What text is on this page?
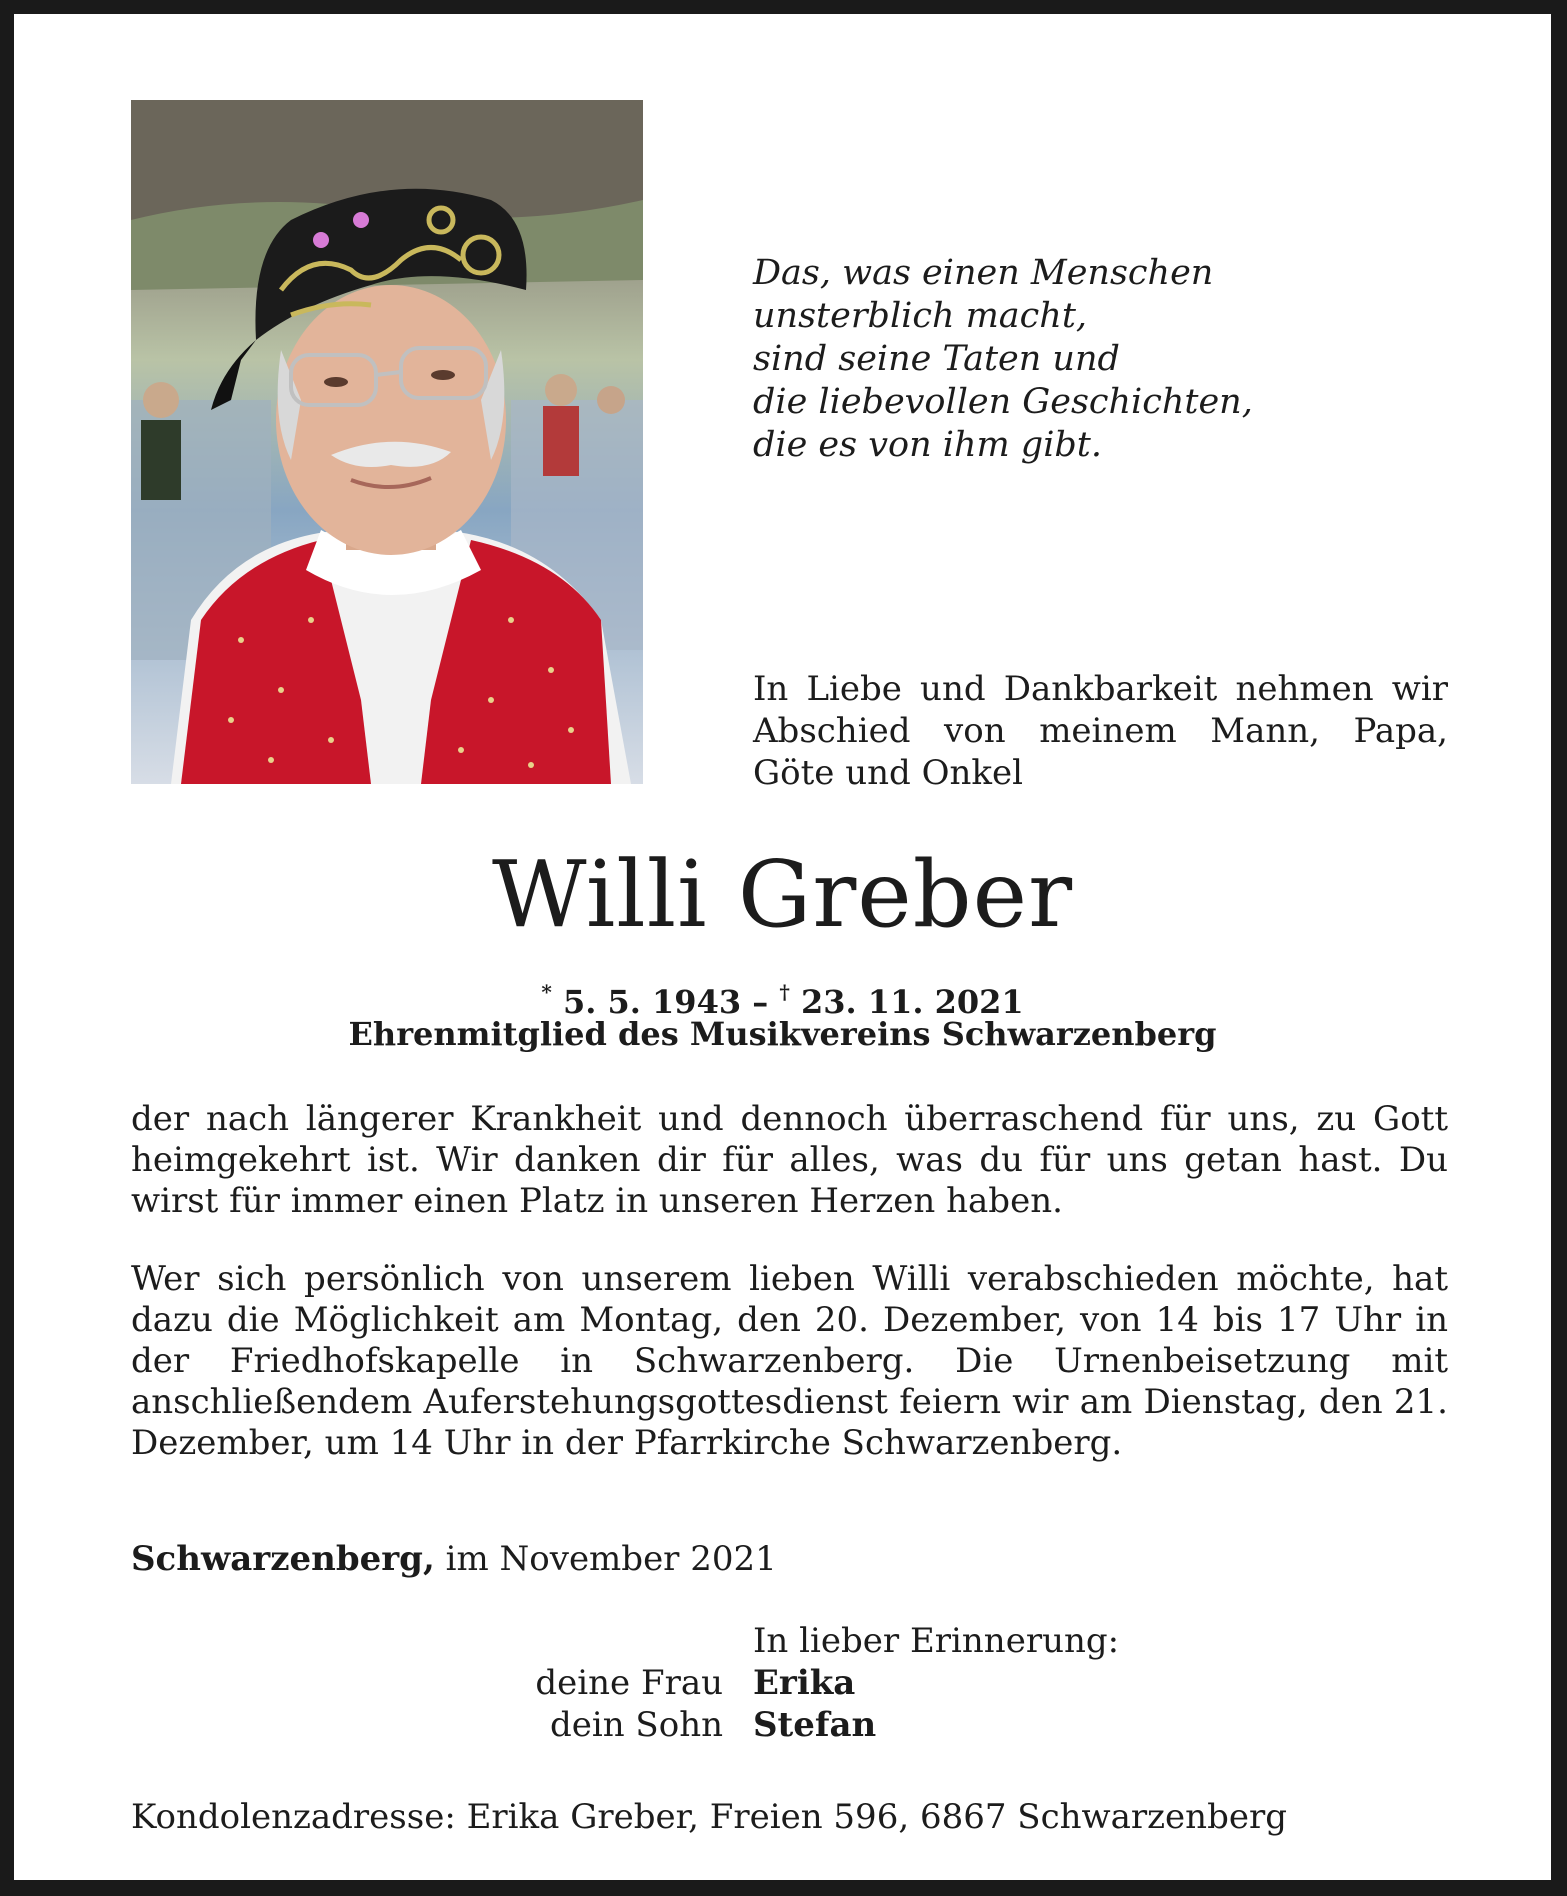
Das, was einen Menschen
unsterblich macht,
sind seine Taten und
die liebevollen Geschichten,
die es von ihm gibt.
In Liebe und Dankbarkeit nehmen wir Abschied von meinem Mann, Papa, Göte und Onkel
Willi Greber
* 5. 5. 1943 – † 23. 11. 2021
Ehrenmitglied des Musikvereins Schwarzenberg
der nach längerer Krankheit und dennoch überraschend für uns, zu Gott heimgekehrt ist. Wir danken dir für alles, was du für uns getan hast. Du wirst für immer einen Platz in unseren Herzen haben.
Wer sich persönlich von unserem lieben Willi verabschieden möchte, hat dazu die Möglichkeit am Montag, den 20. Dezember, von 14 bis 17 Uhr in der Friedhofskapelle in Schwarzenberg. Die Urnenbeisetzung mit anschließendem Auferstehungsgottesdienst feiern wir am Dienstag, den 21. Dezember, um 14 Uhr in der Pfarrkirche Schwarzenberg.
Schwarzenberg, im November 2021
In lieber Erinnerung:
deine Frau Erika
dein Sohn Stefan
Kondolenzadresse: Erika Greber, Freien 596, 6867 Schwarzenberg
